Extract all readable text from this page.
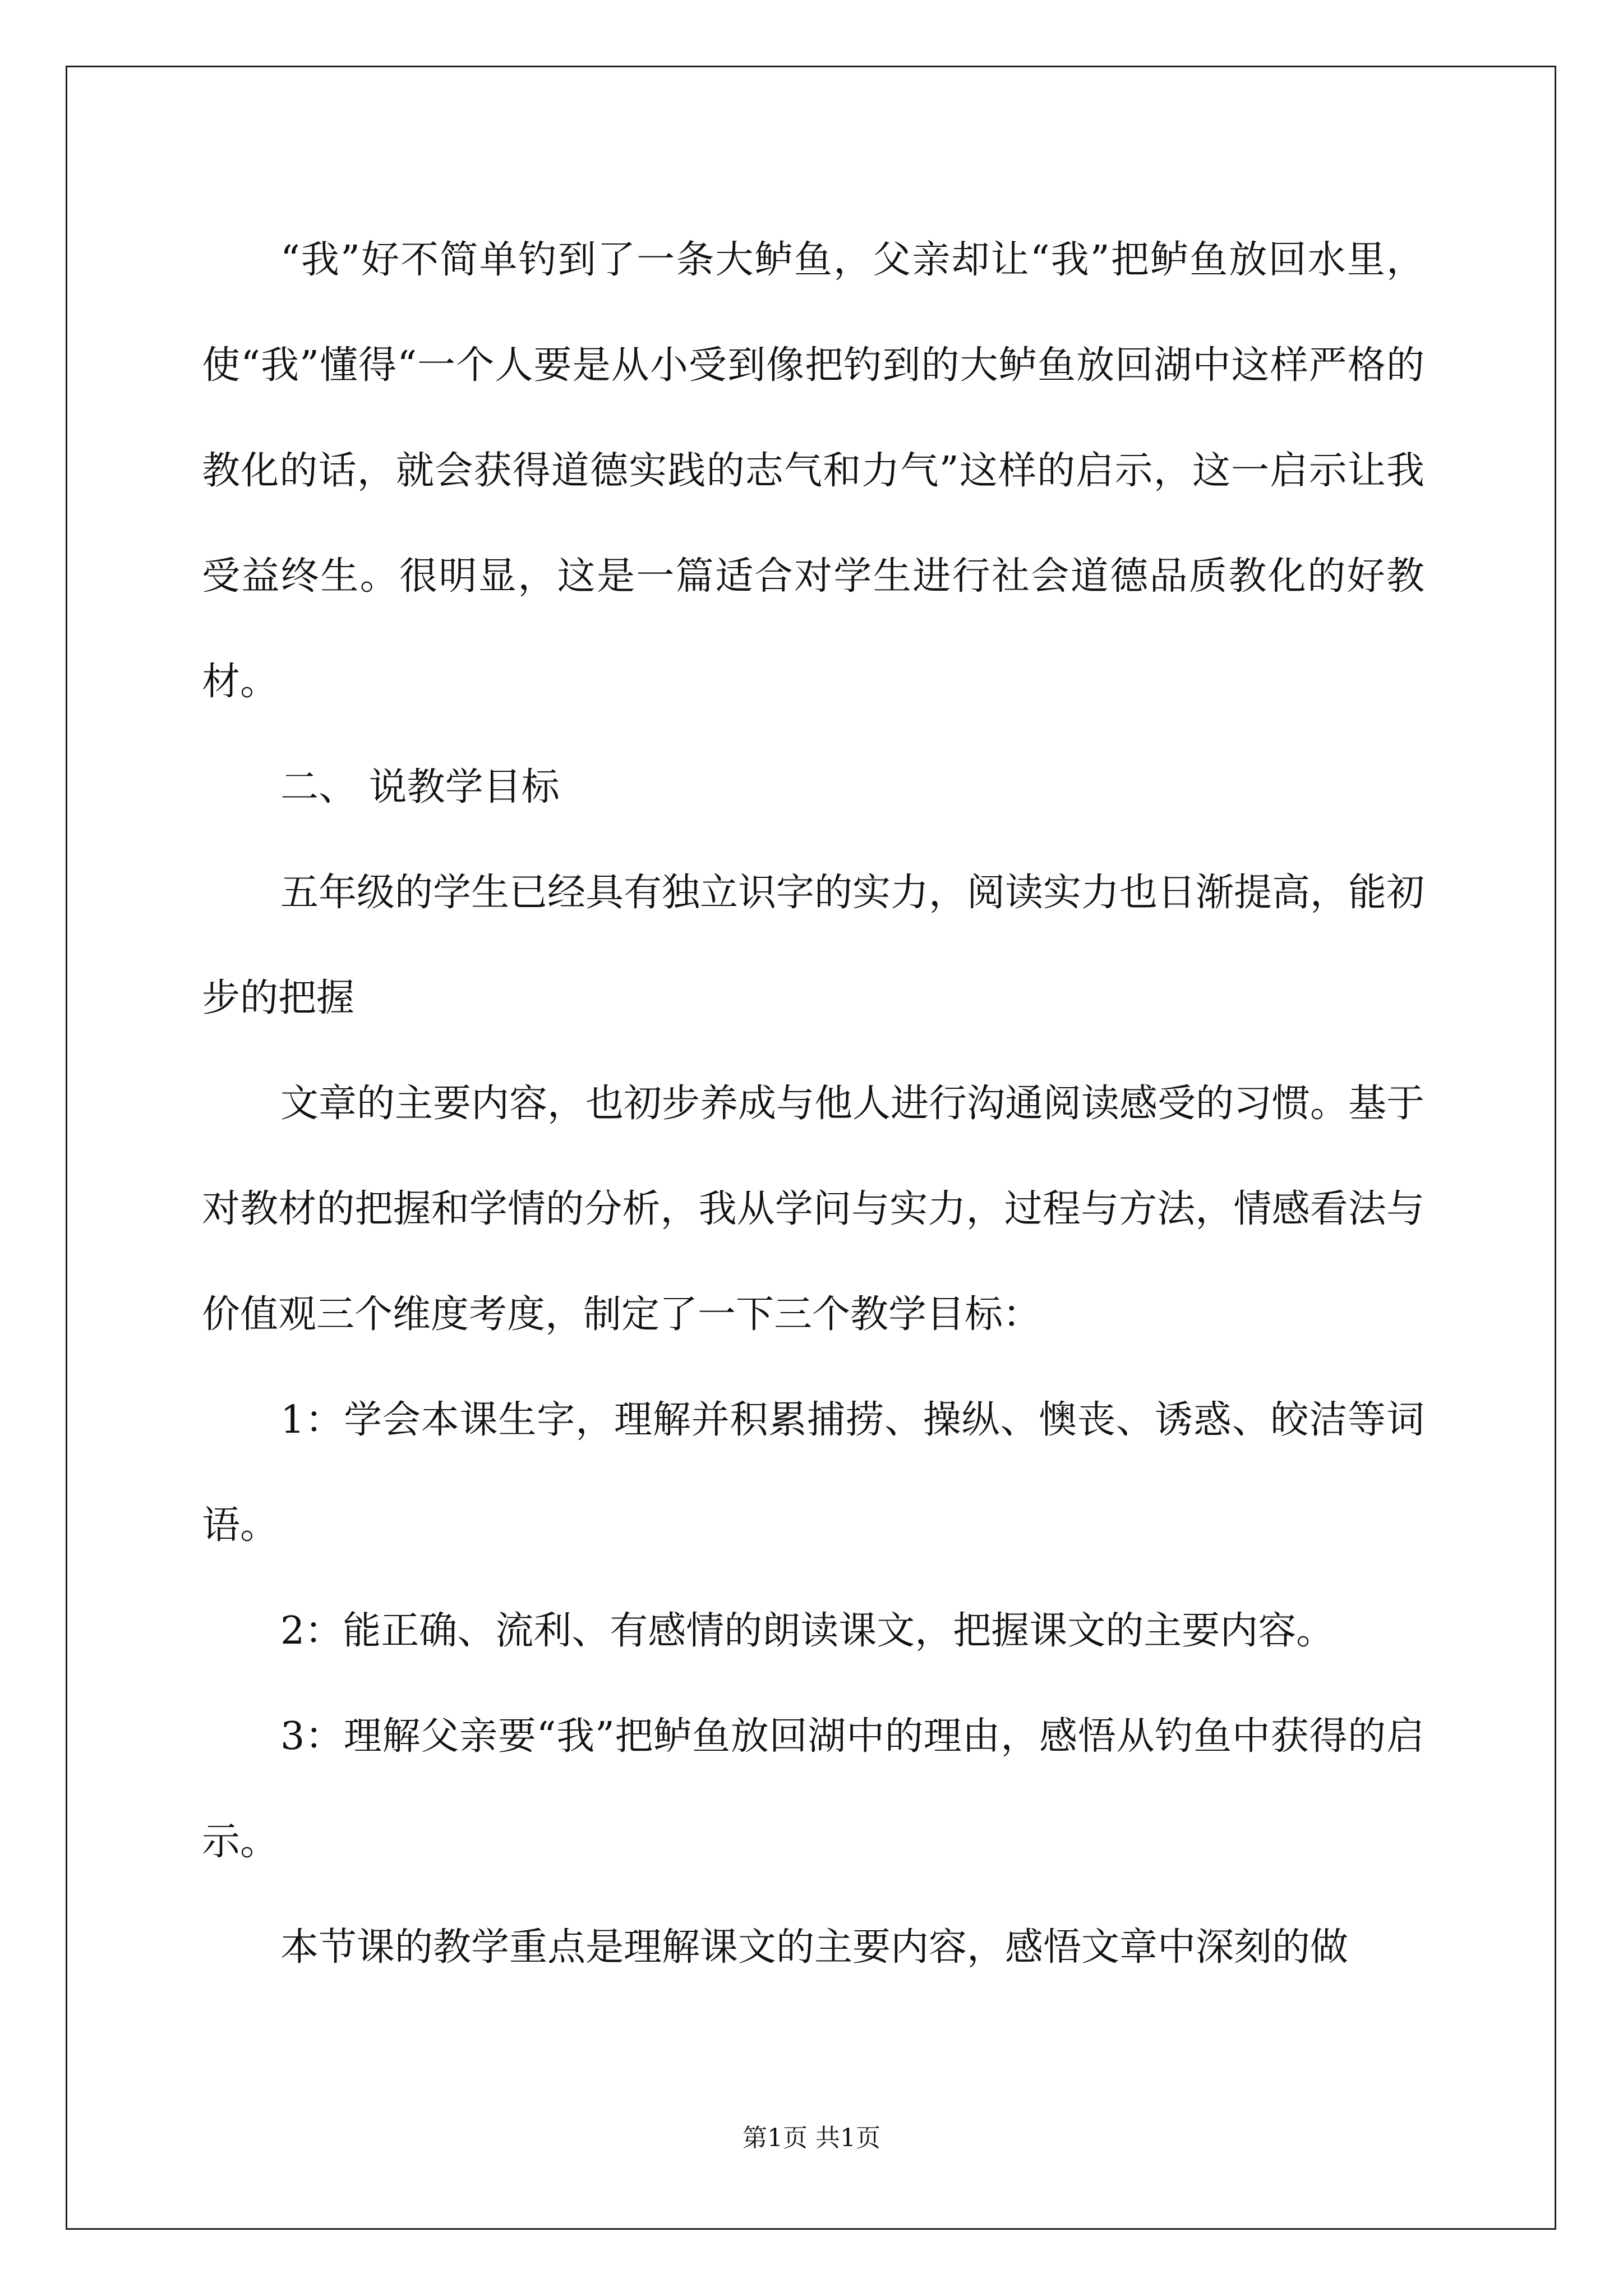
“我”好不简单钓到了一条大鲈鱼，父亲却让“我”把鲈鱼放回水里，使“我”懂得“一个人要是从小受到像把钓到的大鲈鱼放回湖中这样严格的教化的话，就会获得道德实践的志气和力气”这样的启示，这一启示让我受益终生。很明显，这是一篇适合对学生进行社会道德品质教化的好教材。

二、 说教学目标

五年级的学生已经具有独立识字的实力，阅读实力也日渐提高，能初步的把握

文章的主要内容，也初步养成与他人进行沟通阅读感受的习惯。基于对教材的把握和学情的分析，我从学问与实力，过程与方法，情感看法与价值观三个维度考度，制定了一下三个教学目标：

1：学会本课生字，理解并积累捕捞、操纵、懊丧、诱惑、皎洁等词语。

2：能正确、流利、有感情的朗读课文，把握课文的主要内容。

3：理解父亲要“我”把鲈鱼放回湖中的理由，感悟从钓鱼中获得的启示。

本节课的教学重点是理解课文的主要内容，感悟文章中深刻的做

第1页 共1页
